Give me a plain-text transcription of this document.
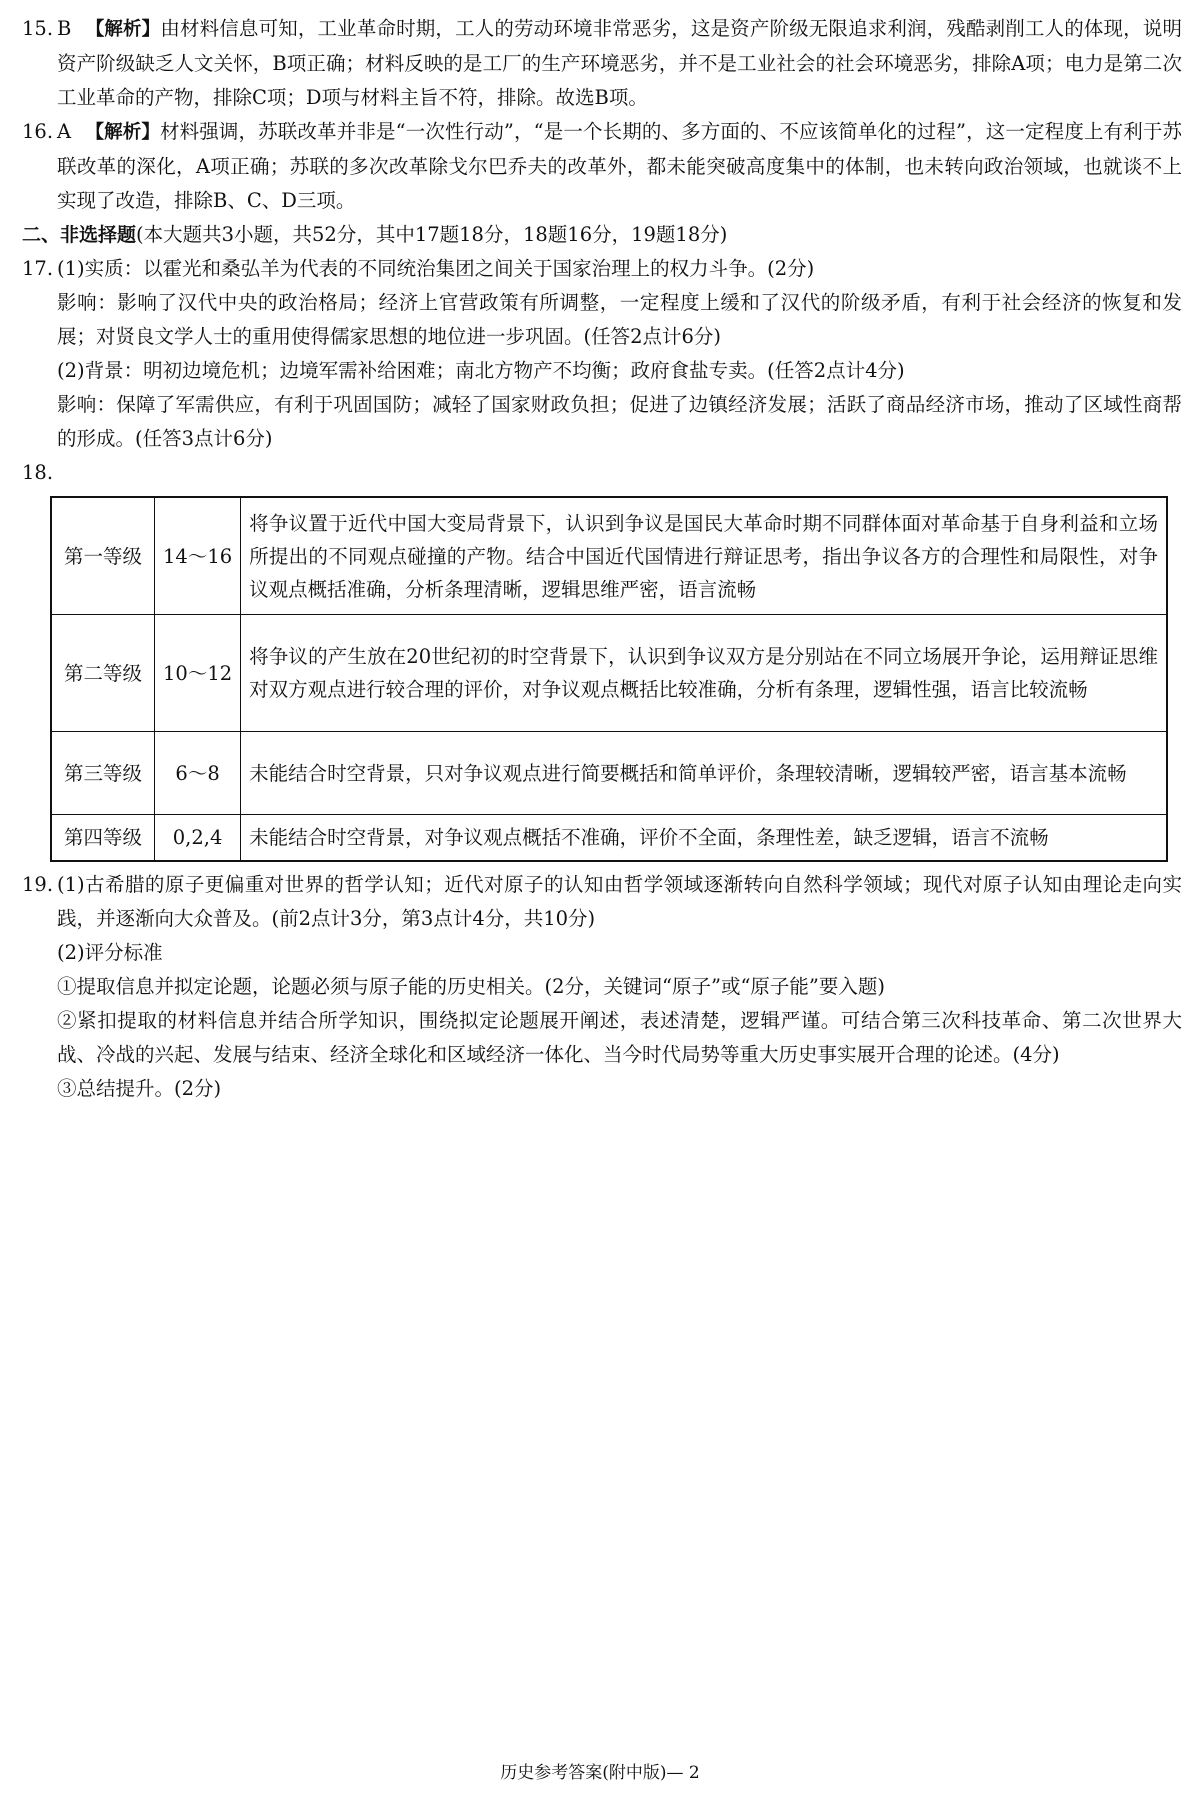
15. B 【解析】由材料信息可知，工业革命时期，工人的劳动环境非常恶劣，这是资产阶级无限追求利润，残酷剥削工人的体现，说明资产阶级缺乏人文关怀，B项正确；材料反映的是工厂的生产环境恶劣，并不是工业社会的社会环境恶劣，排除A项；电力是第二次工业革命的产物，排除C项；D项与材料主旨不符，排除。故选B项。

16. A 【解析】材料强调，苏联改革并非是“一次性行动”，“是一个长期的、多方面的、不应该简单化的过程”，这一定程度上有利于苏联改革的深化，A项正确；苏联的多次改革除戈尔巴乔夫的改革外，都未能突破高度集中的体制，也未转向政治领域，也就谈不上实现了改造，排除B、C、D三项。

二、非选择题(本大题共3小题，共52分，其中17题18分，18题16分，19题18分)

17. (1)实质：以霍光和桑弘羊为代表的不同统治集团之间关于国家治理上的权力斗争。(2分)

影响：影响了汉代中央的政治格局；经济上官营政策有所调整，一定程度上缓和了汉代的阶级矛盾，有利于社会经济的恢复和发展；对贤良文学人士的重用使得儒家思想的地位进一步巩固。(任答2点计6分)

(2)背景：明初边境危机；边境军需补给困难；南北方物产不均衡；政府食盐专卖。(任答2点计4分)

影响：保障了军需供应，有利于巩固国防；减轻了国家财政负担；促进了边镇经济发展；活跃了商品经济市场，推动了区域性商帮的形成。(任答3点计6分)

18.

第一等级	14～16	将争议置于近代中国大变局背景下，认识到争议是国民大革命时期不同群体面对革命基于自身利益和立场所提出的不同观点碰撞的产物。结合中国近代国情进行辩证思考，指出争议各方的合理性和局限性，对争议观点概括准确，分析条理清晰，逻辑思维严密，语言流畅
第二等级	10～12	将争议的产生放在20世纪初的时空背景下，认识到争议双方是分别站在不同立场展开争论，运用辩证思维对双方观点进行较合理的评价，对争议观点概括比较准确，分析有条理，逻辑性强，语言比较流畅
第三等级	6～8	未能结合时空背景，只对争议观点进行简要概括和简单评价，条理较清晰，逻辑较严密，语言基本流畅
第四等级	0,2,4	未能结合时空背景，对争议观点概括不准确，评价不全面，条理性差，缺乏逻辑，语言不流畅

19. (1)古希腊的原子更偏重对世界的哲学认知；近代对原子的认知由哲学领域逐渐转向自然科学领域；现代对原子认知由理论走向实践，并逐渐向大众普及。(前2点计3分，第3点计4分，共10分)

(2)评分标准

①提取信息并拟定论题，论题必须与原子能的历史相关。(2分，关键词“原子”或“原子能”要入题)

②紧扣提取的材料信息并结合所学知识，围绕拟定论题展开阐述，表述清楚，逻辑严谨。可结合第三次科技革命、第二次世界大战、冷战的兴起、发展与结束、经济全球化和区域经济一体化、当今时代局势等重大历史事实展开合理的论述。(4分)

③总结提升。(2分)

历史参考答案(附中版)— 2
